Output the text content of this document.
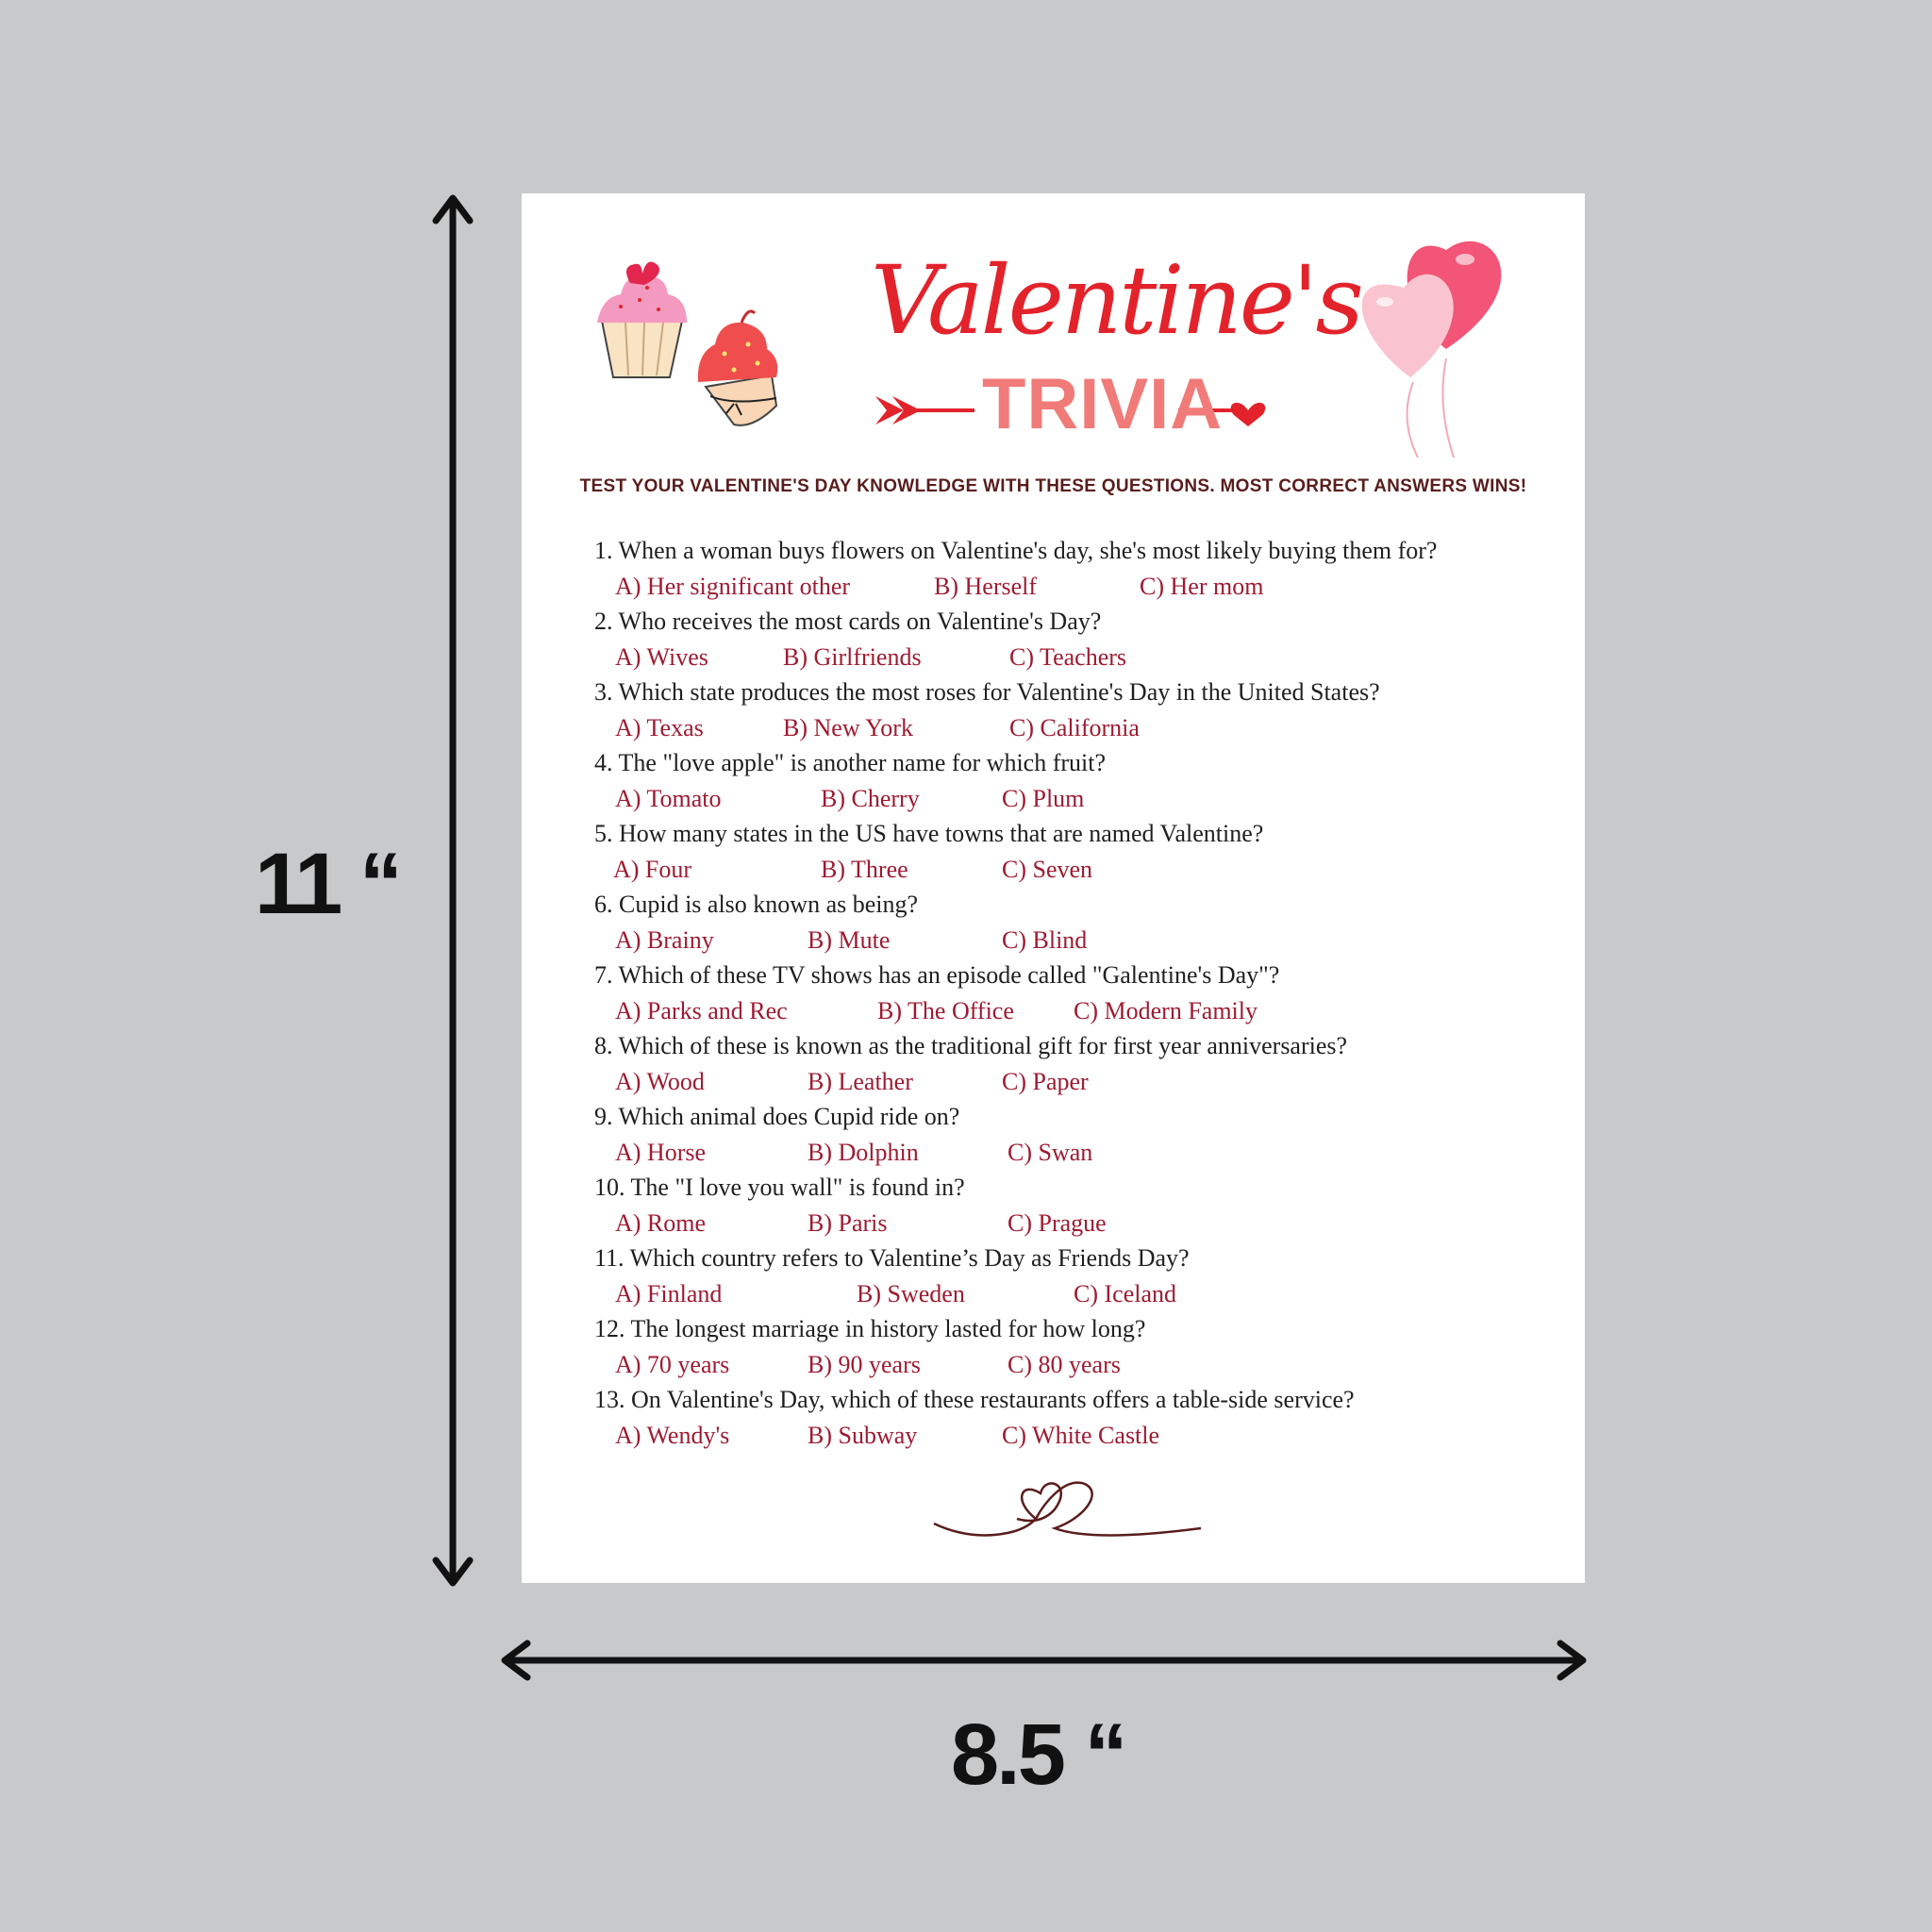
11 “
8.5 “
Valentine's
TRIVIA
TEST YOUR VALENTINE'S DAY KNOWLEDGE WITH THESE QUESTIONS. MOST CORRECT ANSWERS WINS!
1. When a woman buys flowers on Valentine's day, she's most likely buying them for?
A) Her significant other	B) Herself	C) Her mom
2. Who receives the most cards on Valentine's Day?
A) Wives	B) Girlfriends	C) Teachers
3. Which state produces the most roses for Valentine's Day in the United States?
A) Texas	B) New York	C) California
4. The "love apple" is another name for which fruit?
A) Tomato	B) Cherry	C) Plum
5. How many states in the US have towns that are named Valentine?
A) Four	B) Three	C) Seven
6. Cupid is also known as being?
A) Brainy	B) Mute	C) Blind
7. Which of these TV shows has an episode called "Galentine's Day"?
A) Parks and Rec	B) The Office C) Modern Family
8. Which of these is known as the traditional gift for first year anniversaries?
A) Wood	B) Leather	C) Paper
9. Which animal does Cupid ride on?
A) Horse	B) Dolphin	C) Swan
10. The "I love you wall" is found in?
A) Rome	B) Paris	C) Prague
11. Which country refers to Valentine’s Day as Friends Day?
A) Finland	B) Sweden	C) Iceland
12. The longest marriage in history lasted for how long?
A) 70 years	B) 90 years	C) 80 years
13. On Valentine's Day, which of these restaurants offers a table-side service?
A) Wendy's	B) Subway	C) White Castle
